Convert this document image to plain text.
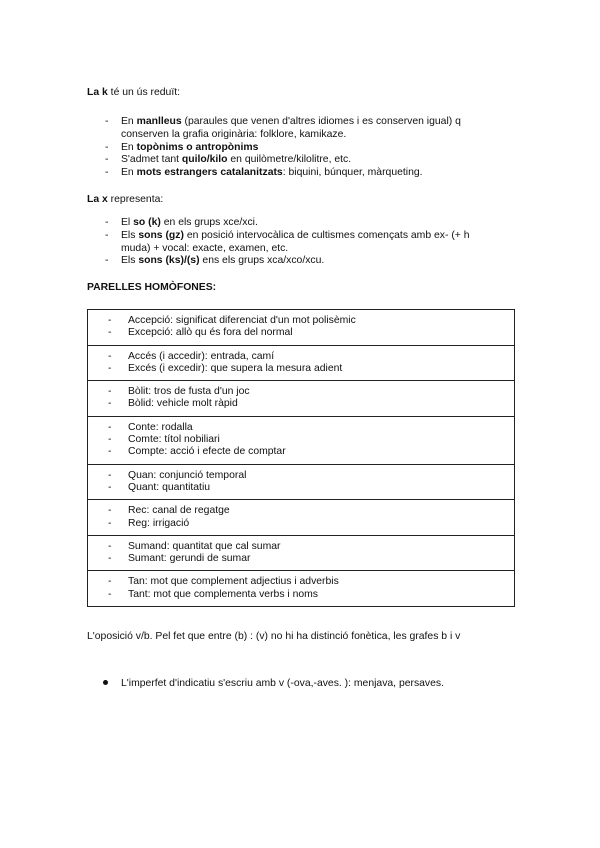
La k té un ús reduït:
- En manlleus (paraules que venen d'altres idiomes i es conserven igual) q
conserven la grafia originària: folklore, kamikaze.
- En topònims o antropònims
- S'admet tant quilo/kilo en quilòmetre/kilolitre, etc.
- En mots estrangers catalanitzats: biquini, búnquer, màrqueting.
La x representa:
- El so (k) en els grups xce/xci.
- Els sons (gz) en posició intervocàlica de cultismes començats amb ex- (+ h
muda) + vocal: exacte, examen, etc.
- Els sons (ks)/(s) ens els grups xca/xco/xcu.
PARELLES HOMÒFONES:
- Accepció: significat diferenciat d'un mot polisèmic
- Excepció: allò qu és fora del normal

- Accés (i accedir): entrada, camí
- Excés (i excedir): que supera la mesura adient

- Bòlit: tros de fusta d'un joc
- Bòlid: vehicle molt ràpid

- Conte: rodalla
- Comte: títol nobiliari
- Compte: acció i efecte de comptar

- Quan: conjunció temporal
- Quant: quantitatiu

- Rec: canal de regatge
- Reg: irrigació

- Sumand: quantitat que cal sumar
- Sumant: gerundi de sumar

- Tan: mot que complement adjectius i adverbis
- Tant: mot que complementa verbs i noms
L'oposició v/b. Pel fet que entre (b) : (v) no hi ha distinció fonètica, les grafes b i v
L'imperfet d'indicatiu s'escriu amb v (-ova,-aves. ): menjava, persaves.
